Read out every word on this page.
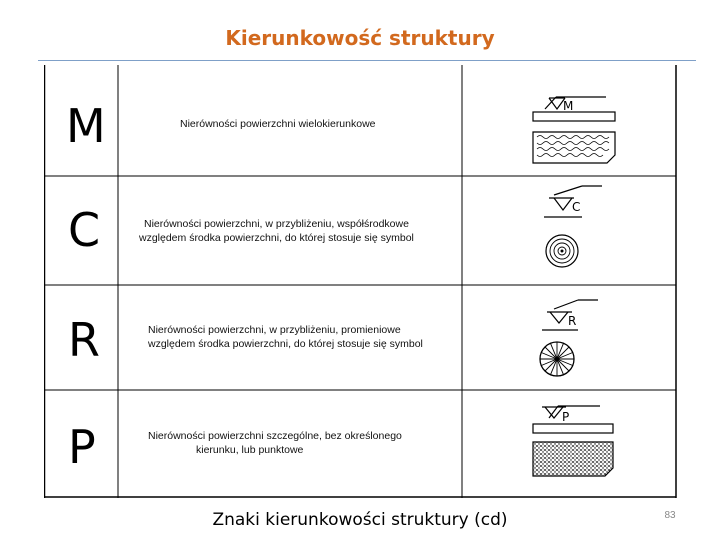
Kierunkowość struktury
M	Nierówności powierzchni wielokierunkowe
M
C	Nierówności powierzchni, w przybliżeniu, współśrodkowe
względem środka powierzchni, do której stosuje się symbol
C
R	Nierówności powierzchni, w przybliżeniu, promieniowe
względem środka powierzchni, do której stosuje się symbol
R
P	Nierówności powierzchni szczególne, bez określonego
kierunku, lub punktowe
P
Znaki kierunkowości struktury (cd)	83
